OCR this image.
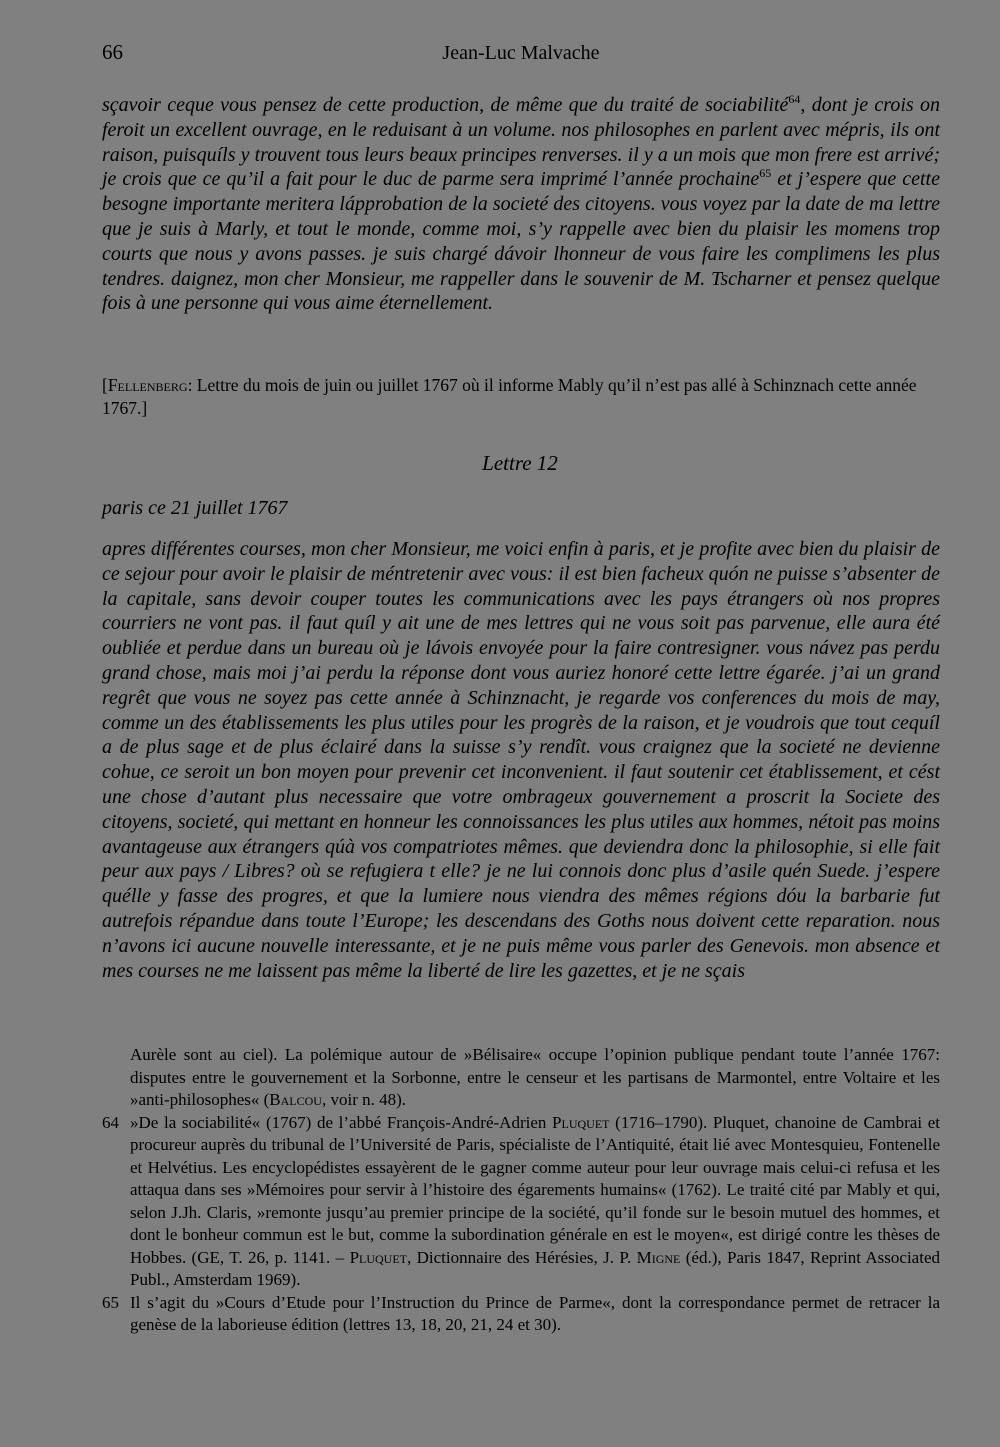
66	Jean-Luc Malvache

sçavoir ceque vous pensez de cette production, de même que du traité de sociabilité$^{64}$, dont je crois on feroit un excellent ouvrage, en le reduisant à un volume. nos philosophes en parlent avec mépris, ils ont raison, puisquíls y trouvent tous leurs beaux principes renverses. il y a un mois que mon frere est arrivé; je crois que ce qu’il a fait pour le duc de parme sera imprimé l’année prochaine$^{65}$ et j’espere que cette besogne importante meritera lápprobation de la societé des citoyens. vous voyez par la date de ma lettre que je suis à Marly, et tout le monde, comme moi, s’y rappelle avec bien du plaisir les momens trop courts que nous y avons passes. je suis chargé dávoir lhonneur de vous faire les complimens les plus tendres. daignez, mon cher Monsieur, me rappeller dans le souvenir de M. Tscharner et pensez quelque fois à une personne qui vous aime éternellement.

[Fellenberg: Lettre du mois de juin ou juillet 1767 où il informe Mably qu’il n’est pas allé à Schinznach cette année 1767.]

Lettre 12

paris ce 21 juillet 1767

apres différentes courses, mon cher Monsieur, me voici enfin à paris, et je profite avec bien du plaisir de ce sejour pour avoir le plaisir de méntretenir avec vous: il est bien facheux quón ne puisse s’absenter de la capitale, sans devoir couper toutes les communications avec les pays étrangers où nos propres courriers ne vont pas. il faut quíl y ait une de mes lettres qui ne vous soit pas parvenue, elle aura été oubliée et perdue dans un bureau où je lávois envoyée pour la faire contresigner. vous návez pas perdu grand chose, mais moi j’ai perdu la réponse dont vous auriez honoré cette lettre égarée. j’ai un grand regrêt que vous ne soyez pas cette année à Schinznacht, je regarde vos conferences du mois de may, comme un des établissements les plus utiles pour les progrès de la raison, et je voudrois que tout cequíl a de plus sage et de plus éclairé dans la suisse s’y rendît. vous craignez que la societé ne devienne cohue, ce seroit un bon moyen pour prevenir cet inconvenient. il faut soutenir cet établissement, et cést une chose d’autant plus necessaire que votre ombrageux gouvernement a proscrit la Societe des citoyens, societé, qui mettant en honneur les connoissances les plus utiles aux hommes, nétoit pas moins avantageuse aux étrangers qúà vos compatriotes mêmes. que deviendra donc la philosophie, si elle fait peur aux pays / Libres? où se refugiera t elle? je ne lui connois donc plus d’asile quén Suede. j’espere quélle y fasse des progres, et que la lumiere nous viendra des mêmes régions dóu la barbarie fut autrefois répandue dans toute l’Europe; les descendans des Goths nous doivent cette reparation. nous n’avons ici aucune nouvelle interessante, et je ne puis même vous parler des Genevois. mon absence et mes courses ne me laissent pas même la liberté de lire les gazettes, et je ne sçais

Aurèle sont au ciel). La polémique autour de »Bélisaire« occupe l’opinion publique pendant toute l’année 1767: disputes entre le gouvernement et la Sorbonne, entre le censeur et les partisans de Marmontel, entre Voltaire et les »anti-philosophes« (Balcou, voir n. 48).

64 »De la sociabilité« (1767) de l’abbé François-André-Adrien Pluquet (1716–1790). Pluquet, chanoine de Cambrai et procureur auprès du tribunal de l’Université de Paris, spécialiste de l’Antiquité, était lié avec Montesquieu, Fontenelle et Helvétius. Les encyclopédistes essayèrent de le gagner comme auteur pour leur ouvrage mais celui-ci refusa et les attaqua dans ses »Mémoires pour servir à l’histoire des égarements humains« (1762). Le traité cité par Mably et qui, selon J.Jh. Claris, »remonte jusqu’au premier principe de la société, qu’il fonde sur le besoin mutuel des hommes, et dont le bonheur commun est le but, comme la subordination générale en est le moyen«, est dirigé contre les thèses de Hobbes. (GE, T. 26, p. 1141. – Pluquet, Dictionnaire des Hérésies, J. P. Migne (éd.), Paris 1847, Reprint Associated Publ., Amsterdam 1969).

65 Il s’agit du »Cours d’Etude pour l’Instruction du Prince de Parme«, dont la correspondance permet de retracer la genèse de la laborieuse édition (lettres 13, 18, 20, 21, 24 et 30).
